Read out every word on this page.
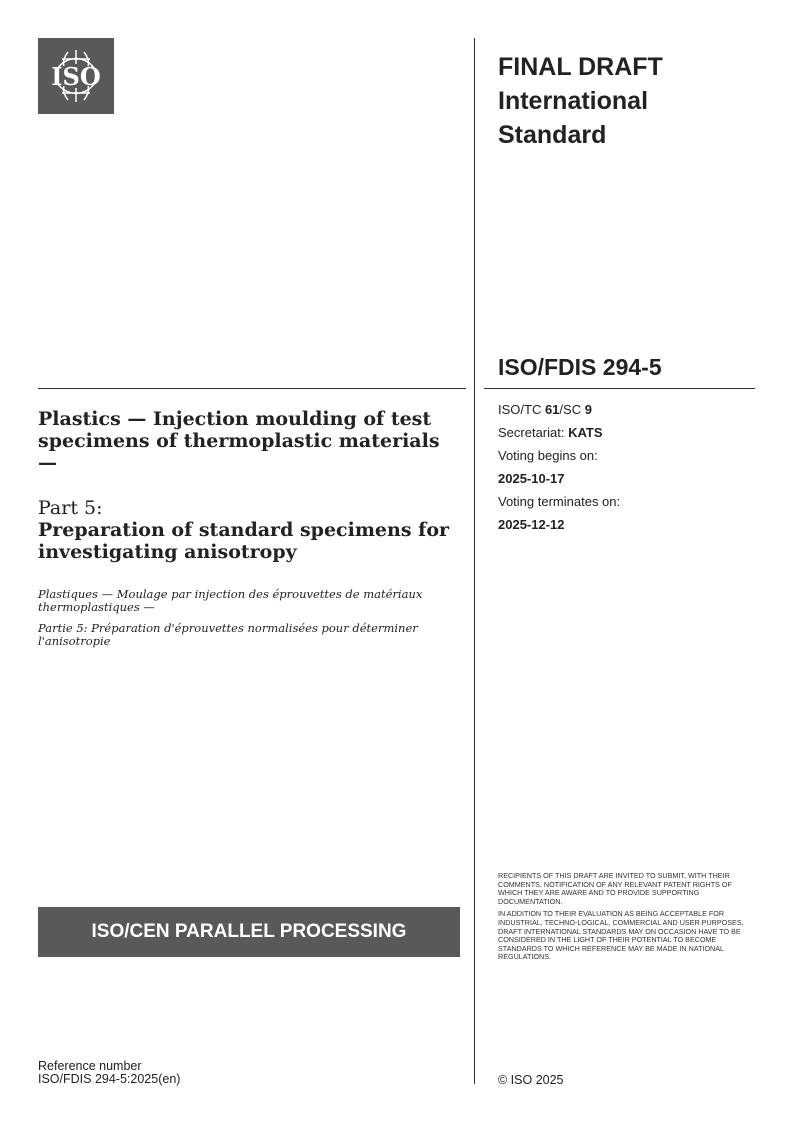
ISO	FINAL DRAFT
International
Standard
ISO/FDIS 294-5
ISO/TC 61/SC 9
Secretariat: KATS
Voting begins on:
2025-10-17
Voting terminates on:
2025-12-12
Plastics — Injection moulding of test specimens of thermoplastic materials —
Part 5:
Preparation of standard specimens for investigating anisotropy
Plastiques — Moulage par injection des éprouvettes de matériaux thermoplastiques —
Partie 5: Préparation d'éprouvettes normalisées pour déterminer l'anisotropie
RECIPIENTS OF THIS DRAFT ARE INVITED TO SUBMIT, WITH THEIR COMMENTS, NOTIFICATION OF ANY RELEVANT PATENT RIGHTS OF WHICH THEY ARE AWARE AND TO PROVIDE SUPPORTING DOCUMENTATION.
IN ADDITION TO THEIR EVALUATION AS BEING ACCEPTABLE FOR INDUSTRIAL, TECHNO-LOGICAL, COMMERCIAL AND USER PURPOSES, DRAFT INTERNATIONAL STANDARDS MAY ON OCCASION HAVE TO BE CONSIDERED IN THE LIGHT OF THEIR POTENTIAL TO BECOME STANDARDS TO WHICH REFERENCE MAY BE MADE IN NATIONAL REGULATIONS.
ISO/CEN PARALLEL PROCESSING
Reference number
ISO/FDIS 294-5:2025(en)	© ISO 2025
